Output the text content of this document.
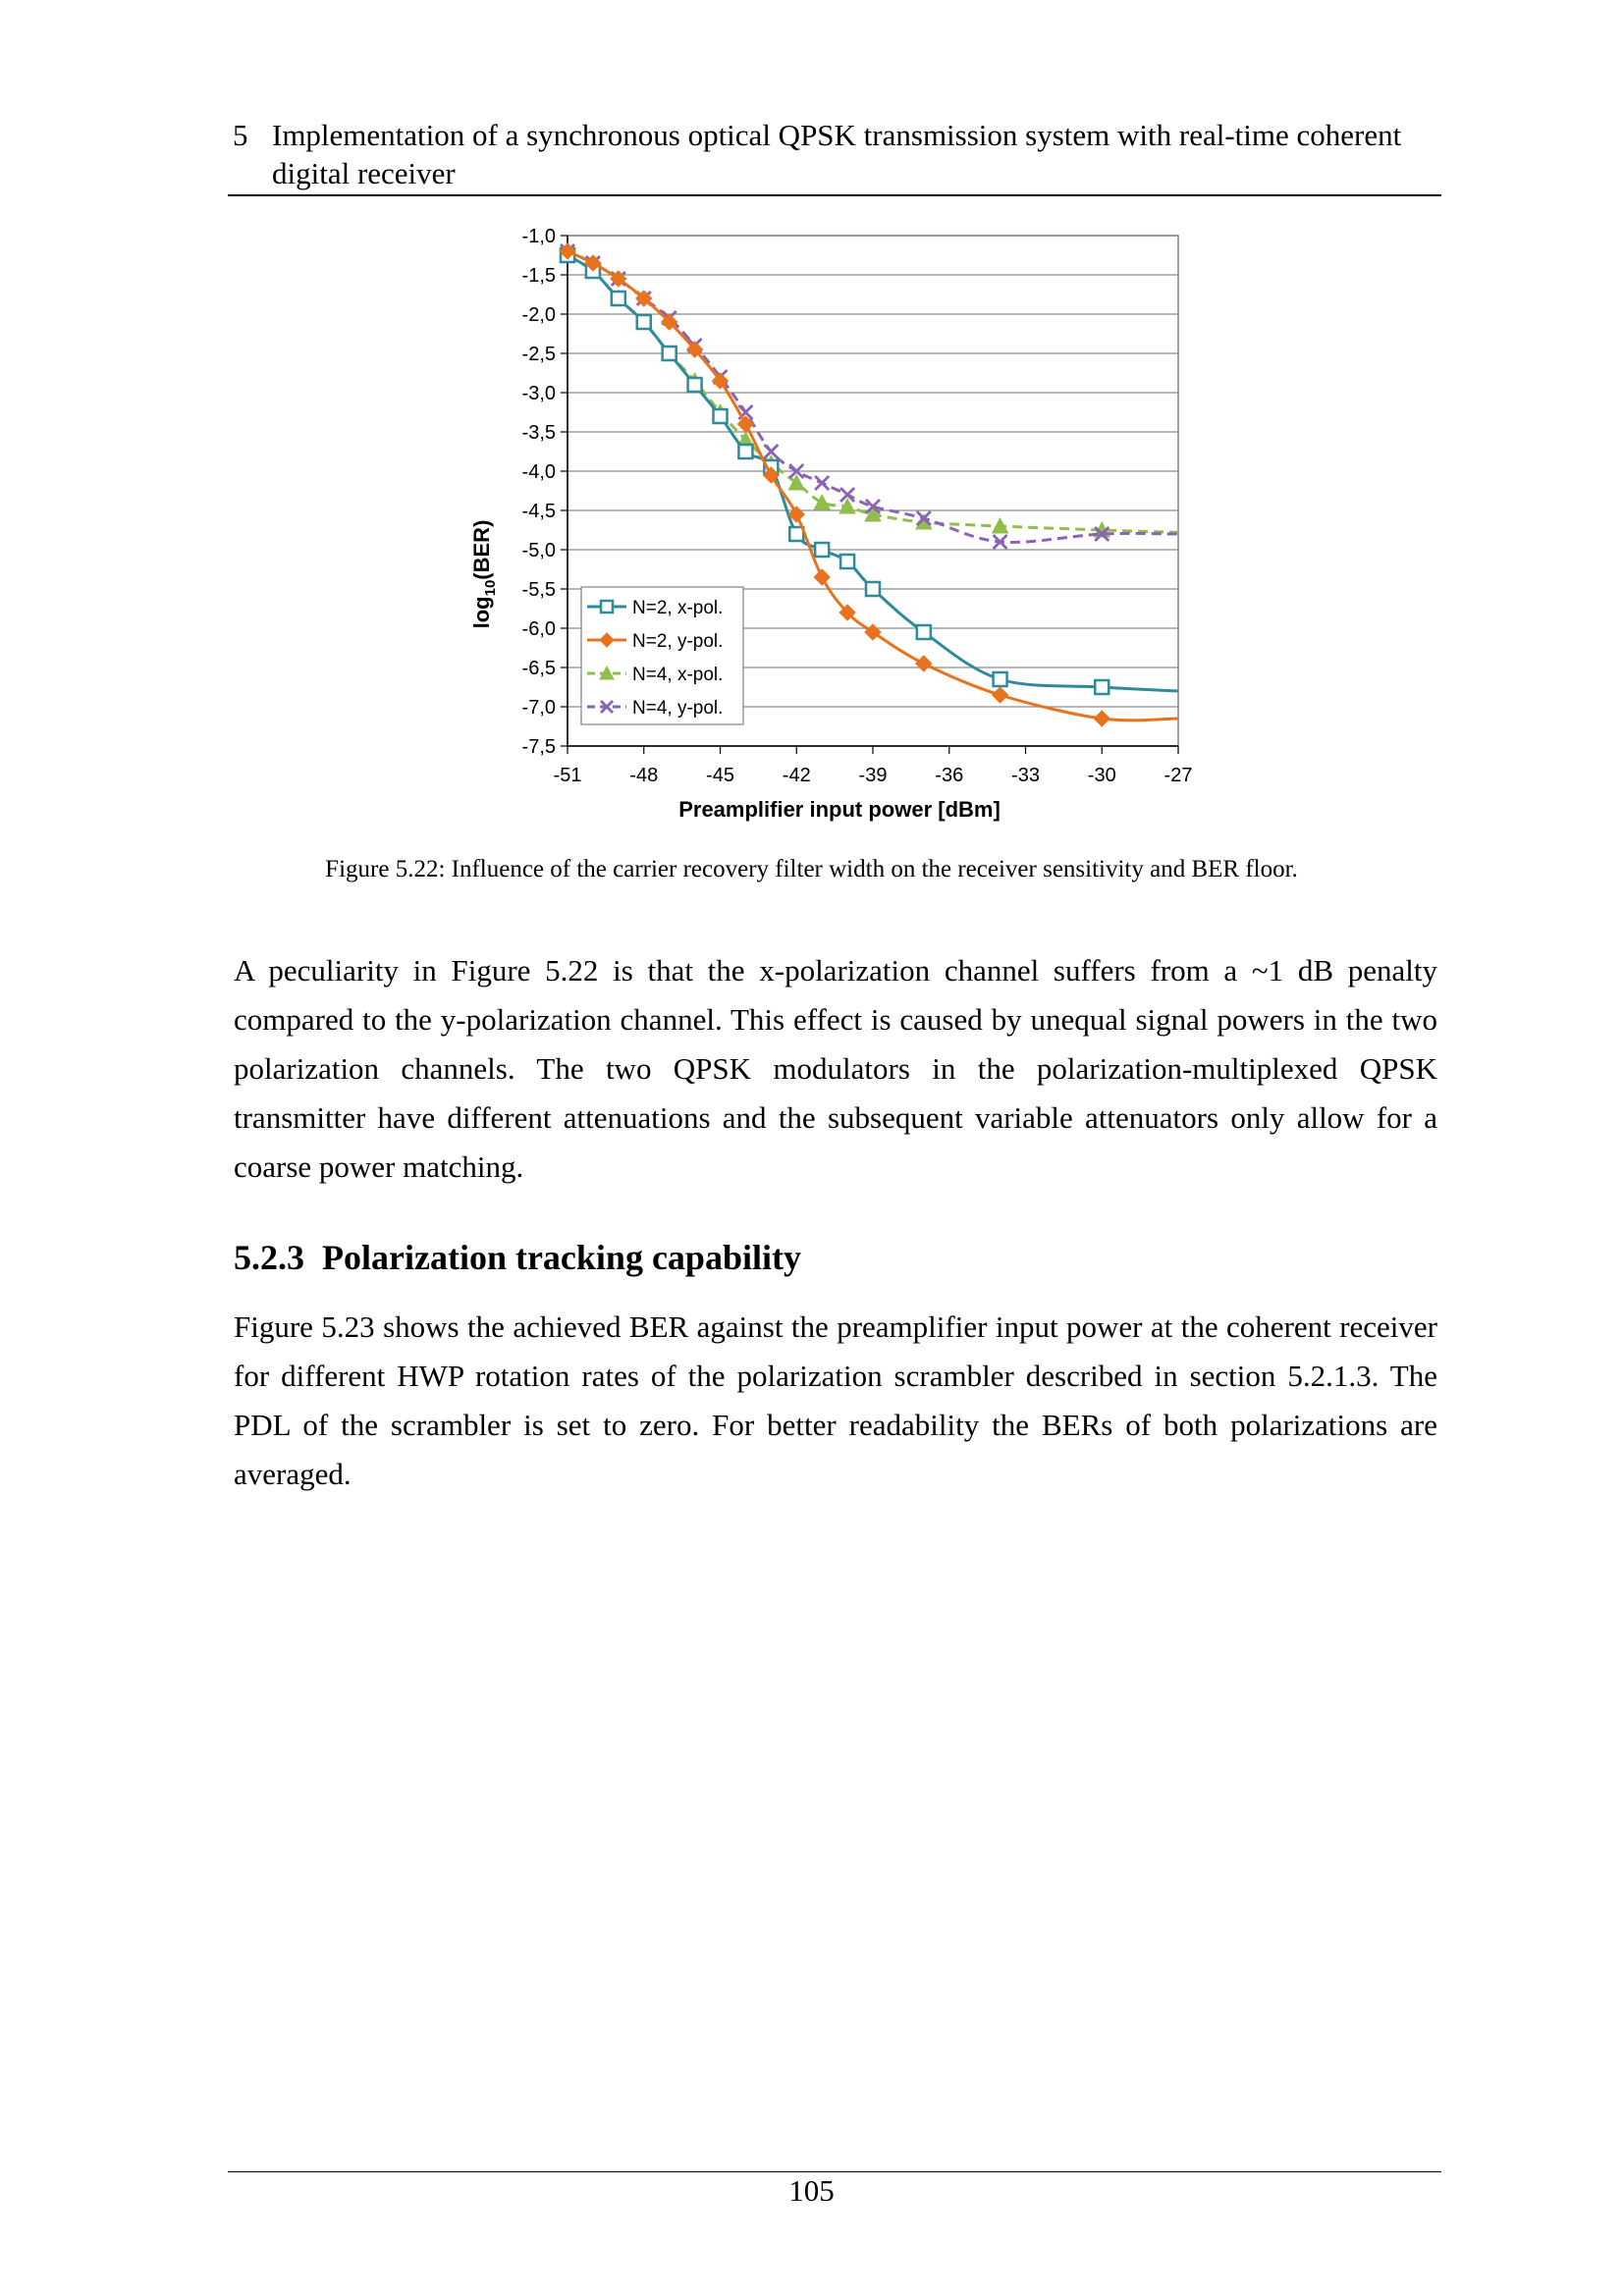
5 Implementation of a synchronous optical QPSK transmission system with real-time coherent digital receiver
-1,0
-1,5
-2,0
-2,5
-3,0
-3,5
-4,0
-4,5
-5,0
-5,5
-6,0
-6,5
-7,0
-7,5
-51 -48 -45 -42 -39 -36 -33 -30 -27
N=2, x-pol.
N=2, y-pol.
N=4, x-pol.
N=4, y-pol.
Preamplifier input power [dBm]
$\log_{10}(BER)$
Figure 5.22: Influence of the carrier recovery filter width on the receiver sensitivity and BER floor.

A peculiarity in Figure 5.22 is that the x-polarization channel suffers from a ~1 dB penalty compared to the y-polarization channel. This effect is caused by unequal signal powers in the two polarization channels. The two QPSK modulators in the polarization-multiplexed QPSK transmitter have different attenuations and the subsequent variable attenuators only allow for a coarse power matching.

5.2.3 Polarization tracking capability

Figure 5.23 shows the achieved BER against the preamplifier input power at the coherent receiver for different HWP rotation rates of the polarization scrambler described in section 5.2.1.3. The PDL of the scrambler is set to zero. For better readability the BERs of both polarizations are averaged.

105
